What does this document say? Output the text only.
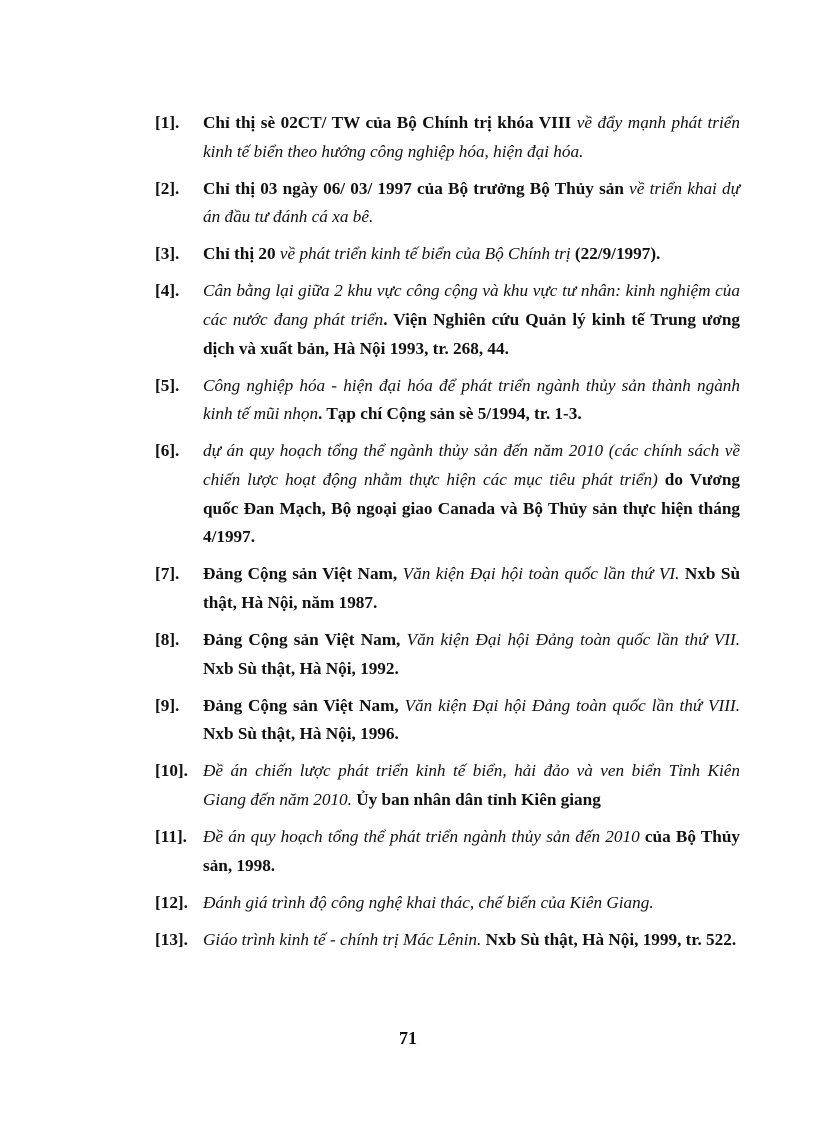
[1].	Chỉ thị sè 02CT/ TW của Bộ Chính trị khóa VIII về đẩy mạnh phát triển kinh tế biển theo hướng công nghiệp hóa, hiện đại hóa.
[2].	Chỉ thị 03 ngày 06/ 03/ 1997 của Bộ trưởng Bộ Thủy sản về triển khai dự án đầu tư đánh cá xa bê.
[3].	Chỉ thị 20 về phát triển kinh tế biển của Bộ Chính trị (22/9/1997).
[4].	Cân bằng lại giữa 2 khu vực công cộng và khu vực tư nhân: kinh nghiệm của các nước đang phát triển. Viện Nghiên cứu Quản lý kinh tế Trung ương dịch và xuất bản, Hà Nội 1993, tr. 268, 44.
[5].	Công nghiệp hóa - hiện đại hóa để phát triển ngành thủy sản thành ngành kinh tế mũi nhọn. Tạp chí Cộng sản sè 5/1994, tr. 1-3.
[6].	dự án quy hoạch tổng thể ngành thủy sản đến năm 2010 (các chính sách về chiến lược hoạt động nhằm thực hiện các mục tiêu phát triển) do Vương quốc Đan Mạch, Bộ ngoại giao Canada và Bộ Thủy sản thực hiện tháng 4/1997.
[7].	Đảng Cộng sản Việt Nam, Văn kiện Đại hội toàn quốc lần thứ VI. Nxb Sù thật, Hà Nội, năm 1987.
[8].	Đảng Cộng sản Việt Nam, Văn kiện Đại hội Đảng toàn quốc lần thứ VII. Nxb Sù thật, Hà Nội, 1992.
[9].	Đảng Cộng sản Việt Nam, Văn kiện Đại hội Đảng toàn quốc lần thứ VIII. Nxb Sù thật, Hà Nội, 1996.
[10]. Đề án chiến lược phát triển kinh tế biển, hải đảo và ven biển Tỉnh Kiên Giang đến năm 2010. Ủy ban nhân dân tỉnh Kiên giang
[11]. Đề án quy hoạch tổng thể phát triển ngành thủy sản đến 2010 của Bộ Thủy sản, 1998.
[12]. Đánh giá trình độ công nghệ khai thác, chế biến của Kiên Giang.
[13]. Giáo trình kinh tế - chính trị Mác Lênin. Nxb Sù thật, Hà Nội, 1999, tr. 522.
71
